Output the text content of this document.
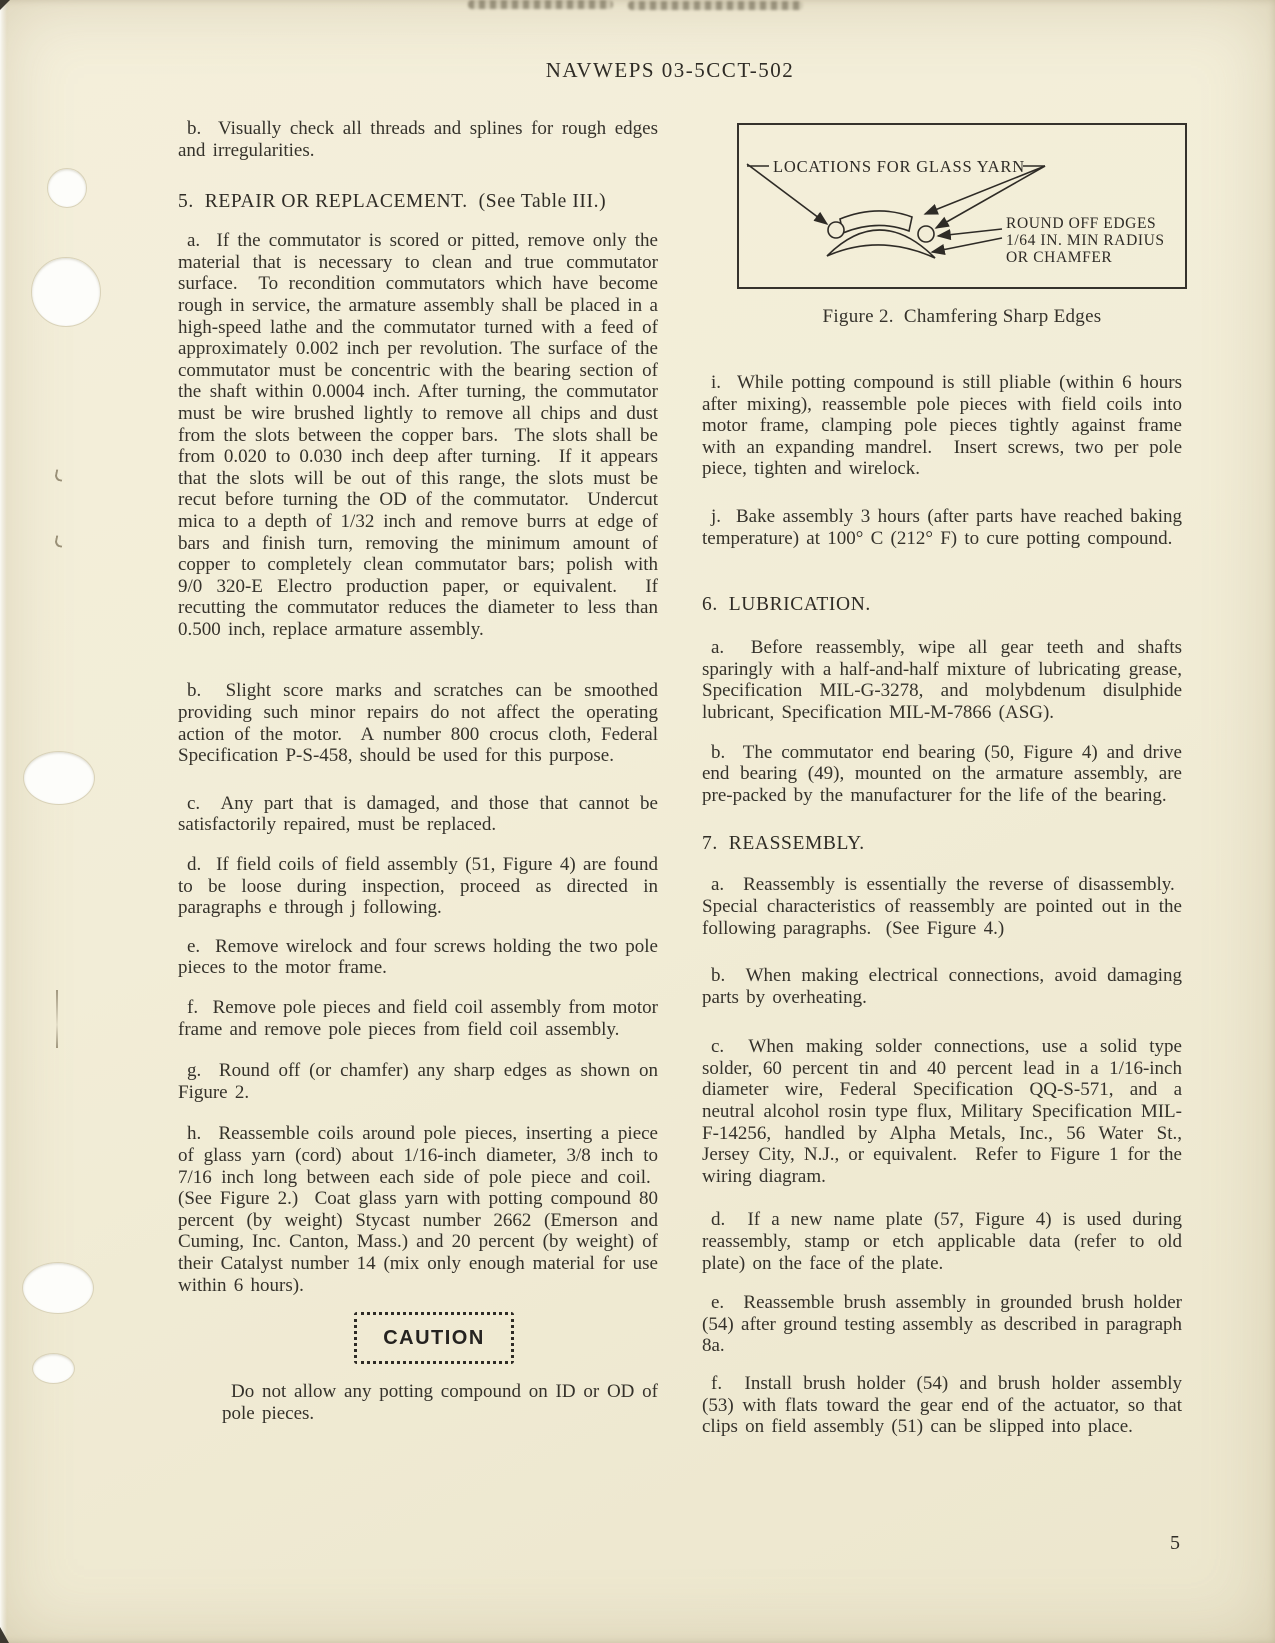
NAVWEPS 03-5CCT-502

b.  Visually check all threads and splines for rough edges and irregularities.

5.  REPAIR OR REPLACEMENT.  (See Table III.)

a.  If the commutator is scored or pitted, remove only the material that is necessary to clean and true commutator surface.  To recondition commutators which have become rough in service, the armature assembly shall be placed in a high-speed lathe and the commutator turned with a feed of approximately 0.002 inch per revolution. The surface of the commutator must be concentric with the bearing section of the shaft within 0.0004 inch. After turning, the commutator must be wire brushed lightly to remove all chips and dust from the slots between the copper bars.  The slots shall be from 0.020 to 0.030 inch deep after turning.  If it appears that the slots will be out of this range, the slots must be recut before turning the OD of the commutator.  Undercut mica to a depth of 1/32 inch and remove burrs at edge of bars and finish turn, removing the minimum amount of copper to completely clean commutator bars; polish with 9/0 320-E Electro production paper, or equivalent.  If recutting the commutator reduces the diameter to less than 0.500 inch, replace armature assembly.

b.  Slight score marks and scratches can be smoothed providing such minor repairs do not affect the operating action of the motor.  A number 800 crocus cloth, Federal Specification P-S-458, should be used for this purpose.

c.  Any part that is damaged, and those that cannot be satisfactorily repaired, must be replaced.

d.  If field coils of field assembly (51, Figure 4) are found to be loose during inspection, proceed as directed in paragraphs e through j following.

e.  Remove wirelock and four screws holding the two pole pieces to the motor frame.

f.  Remove pole pieces and field coil assembly from motor frame and remove pole pieces from field coil assembly.

g.  Round off (or chamfer) any sharp edges as shown on Figure 2.

h.  Reassemble coils around pole pieces, inserting a piece of glass yarn (cord) about 1/16-inch diameter, 3/8 inch to 7/16 inch long between each side of pole piece and coil.  (See Figure 2.)  Coat glass yarn with potting compound 80 percent (by weight) Stycast number 2662 (Emerson and Cuming, Inc. Canton, Mass.) and 20 percent (by weight) of their Catalyst number 14 (mix only enough material for use within 6 hours).

CAUTION

Do not allow any potting compound on ID or OD of pole pieces.

LOCATIONS FOR GLASS YARN
ROUND OFF EDGES 1/64 IN. MIN RADIUS OR CHAMFER
Figure 2.  Chamfering Sharp Edges

i.  While potting compound is still pliable (within 6 hours after mixing), reassemble pole pieces with field coils into motor frame, clamping pole pieces tightly against frame with an expanding mandrel.  Insert screws, two per pole piece, tighten and wirelock.

j.  Bake assembly 3 hours (after parts have reached baking temperature) at 100° C (212° F) to cure potting compound.

6.  LUBRICATION.

a.  Before reassembly, wipe all gear teeth and shafts sparingly with a half-and-half mixture of lubricating grease, Specification MIL-G-3278, and molybdenum disulphide lubricant, Specification MIL-M-7866 (ASG).

b.  The commutator end bearing (50, Figure 4) and drive end bearing (49), mounted on the armature assembly, are pre-packed by the manufacturer for the life of the bearing.

7.  REASSEMBLY.

a.  Reassembly is essentially the reverse of disassembly.  Special characteristics of reassembly are pointed out in the following paragraphs.  (See Figure 4.)

b.  When making electrical connections, avoid damaging parts by overheating.

c.  When making solder connections, use a solid type solder, 60 percent tin and 40 percent lead in a 1/16-inch diameter wire, Federal Specification QQ-S-571, and a neutral alcohol rosin type flux, Military Specification MIL-F-14256, handled by Alpha Metals, Inc., 56 Water St., Jersey City, N.J., or equivalent.  Refer to Figure 1 for the wiring diagram.

d.  If a new name plate (57, Figure 4) is used during reassembly, stamp or etch applicable data (refer to old plate) on the face of the plate.

e.  Reassemble brush assembly in grounded brush holder (54) after ground testing assembly as described in paragraph 8a.

f.  Install brush holder (54) and brush holder assembly (53) with flats toward the gear end of the actuator, so that clips on field assembly (51) can be slipped into place.

5
